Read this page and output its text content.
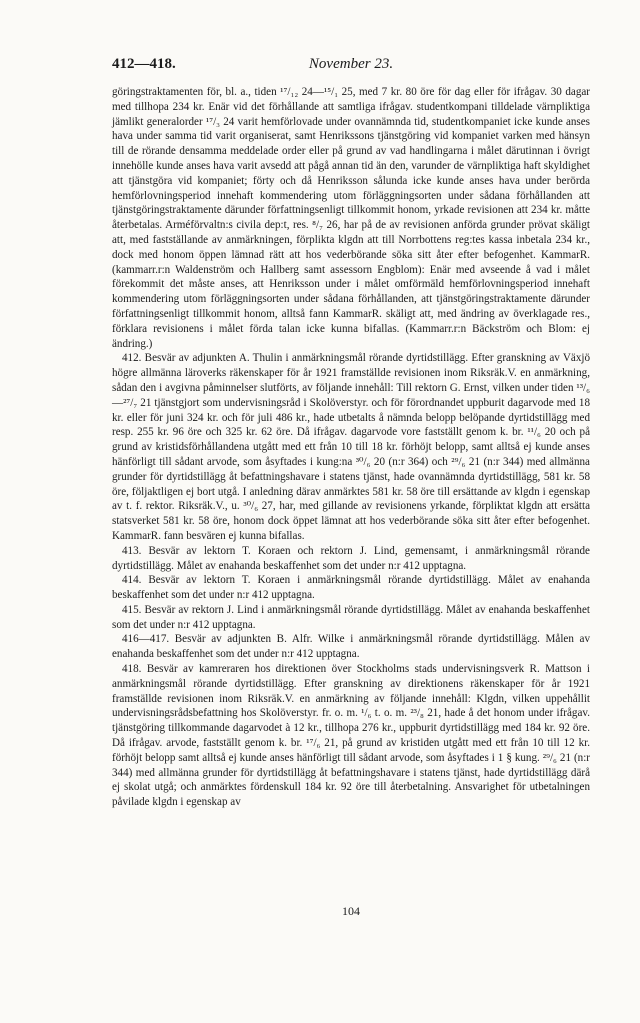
412—418.	November 23.

göringstraktamenten för, bl. a., tiden ¹⁷/₁₂ 24—¹⁵/₁ 25, med 7 kr. 80 öre för dag eller för ifrågav. 30 dagar med tillhopa 234 kr. Enär vid det förhållande att samtliga ifrågav. studentkompani tilldelade värnpliktiga jämlikt generalorder ¹⁷/₃ 24 varit hemförlovade under ovannämnda tid, studentkompaniet icke kunde anses hava under samma tid varit organiserat, samt Henrikssons tjänstgöring vid kompaniet varken med hänsyn till de rörande densamma meddelade order eller på grund av vad handlingarna i målet därutinnan i övrigt innehölle kunde anses hava varit avsedd att pågå annan tid än den, varunder de värnpliktiga haft skyldighet att tjänstgöra vid kompaniet; förty och då Henriksson sålunda icke kunde anses hava under berörda hemförlovningsperiod innehaft kommendering utom förläggningsorten under sådana förhållanden att tjänstgöringstraktamente därunder författningsenligt tillkommit honom, yrkade revisionen att 234 kr. måtte återbetalas. Arméförvaltn:s civila dep:t, res. ⁸/₇ 26, har på de av revisionen anförda grunder prövat skäligt att, med fastställande av anmärkningen, förplikta klgdn att till Norrbottens reg:tes kassa inbetala 234 kr., dock med honom öppen lämnad rätt att hos vederbörande söka sitt åter efter befogenhet. KammarR. (kammarr.r:n Waldenström och Hallberg samt assessorn Engblom): Enär med avseende å vad i målet förekommit det måste anses, att Henriksson under i målet omförmäld hemförlovningsperiod innehaft kommendering utom förläggningsorten under sådana förhållanden, att tjänstgöringstraktamente därunder författningsenligt tillkommit honom, alltså fann KammarR. skäligt att, med ändring av överklagade res., förklara revisionens i målet förda talan icke kunna bifallas. (Kammarr.r:n Bäckström och Blom: ej ändring.)

412. Besvär av adjunkten A. Thulin i anmärkningsmål rörande dyrtidstillägg. Efter granskning av Växjö högre allmänna läroverks räkenskaper för år 1921 framställde revisionen inom Riksräk.V. en anmärkning, sådan den i avgivna påminnelser slutförts, av följande innehåll: Till rektorn G. Ernst, vilken under tiden ¹³/₆—²⁷/₇ 21 tjänstgjort som undervisningsråd i Skolöverstyr. och för förordnandet uppburit dagarvode med 18 kr. eller för juni 324 kr. och för juli 486 kr., hade utbetalts å nämnda belopp belöpande dyrtidstillägg med resp. 255 kr. 96 öre och 325 kr. 62 öre. Då ifrågav. dagarvode vore fastställt genom k. br. ¹¹/₆ 20 och på grund av kristidsförhållandena utgått med ett från 10 till 18 kr. förhöjt belopp, samt alltså ej kunde anses hänförligt till sådant arvode, som åsyftades i kung:na ³⁰/₆ 20 (n:r 364) och ²⁹/₆ 21 (n:r 344) med allmänna grunder för dyrtidstillägg åt befattningshavare i statens tjänst, hade ovannämnda dyrtidstillägg, 581 kr. 58 öre, följaktligen ej bort utgå. I anledning därav anmärktes 581 kr. 58 öre till ersättande av klgdn i egenskap av t. f. rektor. Riksräk.V., u. ³⁰/₆ 27, har, med gillande av revisionens yrkande, förpliktat klgdn att ersätta statsverket 581 kr. 58 öre, honom dock öppet lämnat att hos vederbörande söka sitt åter efter befogenhet. KammarR. fann besvären ej kunna bifallas.

413. Besvär av lektorn T. Koraen och rektorn J. Lind, gemensamt, i anmärkningsmål rörande dyrtidstillägg. Målet av enahanda beskaffenhet som det under n:r 412 upptagna.

414. Besvär av lektorn T. Koraen i anmärkningsmål rörande dyrtidstillägg. Målet av enahanda beskaffenhet som det under n:r 412 upptagna.

415. Besvär av rektorn J. Lind i anmärkningsmål rörande dyrtidstillägg. Målet av enahanda beskaffenhet som det under n:r 412 upptagna.

416—417. Besvär av adjunkten B. Alfr. Wilke i anmärkningsmål rörande dyrtidstillägg. Målen av enahanda beskaffenhet som det under n:r 412 upptagna.

418. Besvär av kamreraren hos direktionen över Stockholms stads undervisningsverk R. Mattson i anmärkningsmål rörande dyrtidstillägg. Efter granskning av direktionens räkenskaper för år 1921 framställde revisionen inom Riksräk.V. en anmärkning av följande innehåll: Klgdn, vilken uppehållit undervisningsrådsbefattning hos Skolöverstyr. fr. o. m. ¹/₆ t. o. m. ²³/₈ 21, hade å det honom under ifrågav. tjänstgöring tillkommande dagarvodet à 12 kr., tillhopa 276 kr., uppburit dyrtidstillägg med 184 kr. 92 öre. Då ifrågav. arvode, fastställt genom k. br. ¹⁷/₆ 21, på grund av kristiden utgått med ett från 10 till 12 kr. förhöjt belopp samt alltså ej kunde anses hänförligt till sådant arvode, som åsyftades i 1 § kung. ²⁹/₆ 21 (n:r 344) med allmänna grunder för dyrtidstillägg åt befattningshavare i statens tjänst, hade dyrtidstillägg därå ej skolat utgå; och anmärktes fördenskull 184 kr. 92 öre till återbetalning. Ansvarighet för utbetalningen påvilade klgdn i egenskap av

104
